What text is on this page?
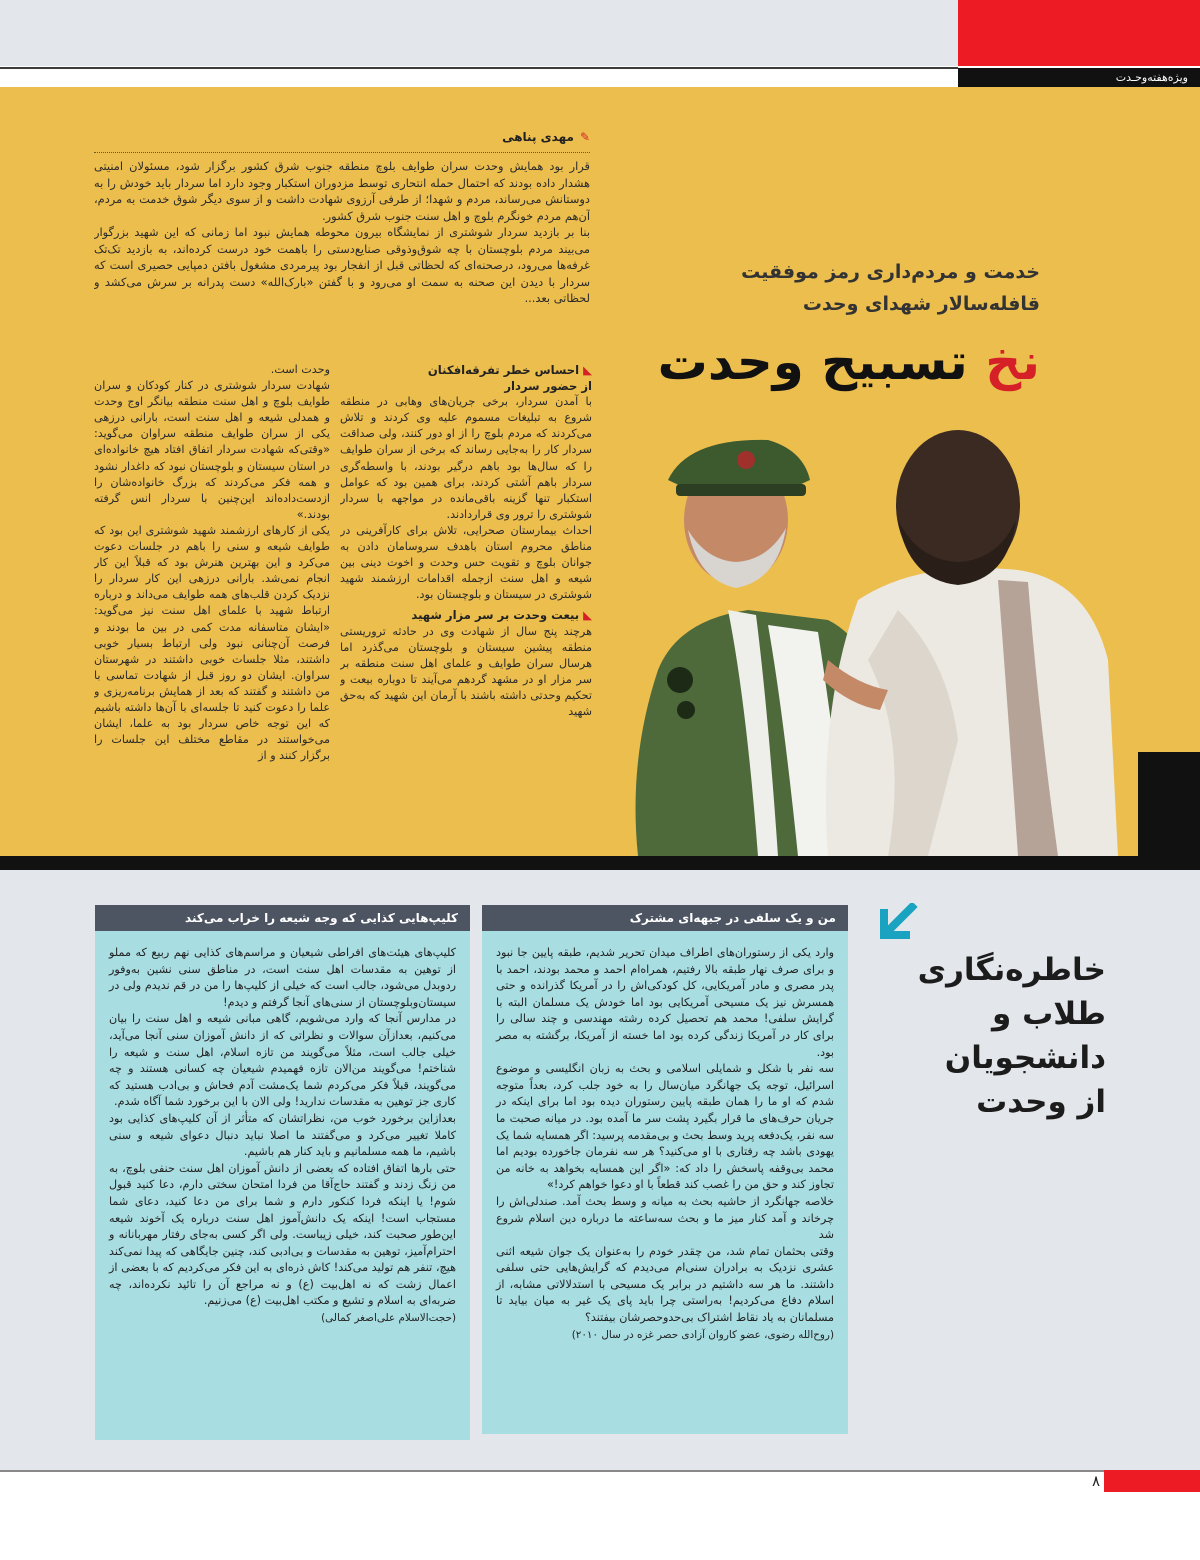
ویژه‌هفته‌وحـدت
✎مهدی پناهی

قرار بود همایش وحدت سران طوایف بلوچ منطقه جنوب شرق کشور برگزار شود، مسئولان امنیتی هشدار داده بودند که احتمال حمله انتحاری توسط مزدوران استکبار وجود دارد اما سردار باید خودش را به دوستانش می‌رساند، مردم و شهدا؛ از طرفی آرزوی شهادت داشت و از سوی دیگر شوق خدمت به مردم، آن‌هم مردم خونگرم بلوچ و اهل سنت جنوب شرق کشور.

بنا بر بازدید سردار شوشتری از نمایشگاه بیرون محوطه همایش نبود اما زمانی که این شهید بزرگوار می‌بیند مردم بلوچستان با چه شوق‌وذوقی صنایع‌دستی را باهمت خود درست کرده‌اند، به بازدید تک‌تک غرفه‌ها می‌رود، درصحنه‌ای که لحظاتی قبل از انفجار بود پیرمردی مشغول بافتن دمپایی حصیری است که سردار با دیدن این صحنه به سمت او می‌رود و با گفتن «بارک‌الله» دست پدرانه بر سرش می‌کشد و لحظاتی بعد...

◣احساس خطر تفرقه‌افکنان

از حضور سردار

با آمدن سردار، برخی جریان‌های وهابی در منطقه شروع به تبلیغات مسموم علیه وی کردند و تلاش می‌کردند که مردم بلوچ را از او دور کنند، ولی صداقت سردار کار را به‌جایی رساند که برخی از سران طوایف را که سال‌ها بود باهم درگیر بودند، با واسطه‌گری سردار باهم آشتی کردند، برای همین بود که عوامل استکبار تنها گزینه باقی‌مانده در مواجهه با سردار شوشتری را ترور وی قراردادند.

احداث بیمارستان صحرایی، تلاش برای کارآفرینی در مناطق محروم استان باهدف سروسامان دادن به جوانان بلوچ و تقویت حس وحدت و اخوت دینی بین شیعه و اهل سنت ازجمله اقدامات ارزشمند شهید شوشتری در سیستان و بلوچستان بود.

◣بیعت وحدت بر سر مزار شهید

هرچند پنج سال از شهادت وی در حادثه تروریستی منطقه پیشین سیستان و بلوچستان می‌گذرد اما هرسال سران طوایف و علمای اهل سنت منطقه بر سر مزار او در مشهد گردهم می‌آیند تا دوباره بیعت و تحکیم وحدتی داشته باشند با آرمان این شهید که به‌حق شهید

وحدت است.

شهادت سردار شوشتری در کنار کودکان و سران طوایف بلوچ و اهل سنت منطقه بیانگر اوج وحدت و همدلی شیعه و اهل سنت است، بارانی درزهی یکی از سران طوایف منطقه سراوان می‌گوید: «وقتی‌که شهادت سردار اتفاق افتاد هیچ خانواده‌ای در استان سیستان و بلوچستان نبود که داغدار نشود و همه فکر می‌کردند که بزرگ خانواده‌شان را ازدست‌داده‌اند این‌چنین با سردار انس گرفته بودند.»

یکی از کارهای ارزشمند شهید شوشتری این بود که طوایف شیعه و سنی را باهم در جلسات دعوت می‌کرد و این بهترین هنرش بود که قبلاً این کار انجام نمی‌شد. بارانی درزهی این کار سردار را نزدیک کردن قلب‌های همه طوایف می‌داند و درباره ارتباط شهید با علمای اهل سنت نیز می‌گوید: «ایشان متاسفانه مدت کمی در بین ما بودند و فرصت آن‌چنانی نبود ولی ارتباط بسیار خوبی داشتند، مثلا جلسات خوبی داشتند در شهرستان سراوان. ایشان دو روز قبل از شهادت تماسی با من داشتند و گفتند که بعد از همایش برنامه‌ریزی و علما را دعوت کنید تا جلسه‌ای با آن‌ها داشته باشیم که این توجه خاص سردار بود به علما، ایشان می‌خواستند در مقاطع مختلف این جلسات را برگزار کنند و از

خدمت و مردم‌داری رمز موفقیت
قافله‌سالار شهدای وحدت
نخ تسبیح وحدت
خاطره‌نگاری
طلاب و دانشجویان
از وحدت
من و یک سلفی در جبهه‌ای مشترک

وارد یکی از رستوران‌های اطراف میدان تحریر شدیم، طبقه پایین جا نبود و برای صرف نهار طبقه بالا رفتیم، همراه‌ام احمد و محمد بودند، احمد با پدر مصری و مادر آمریکایی، کل کودکی‌اش را در آمریکا گذرانده و حتی همسرش نیز یک مسیحی آمریکایی بود اما خودش یک مسلمان البته با گرایش سلفی! محمد هم تحصیل کرده رشته مهندسی و چند سالی را برای کار در آمریکا زندگی کرده بود اما خسته از آمریکا، برگشته به مصر بود.

سه نفر با شکل و شمایلی اسلامی و بحث به زبان انگلیسی و موضوع اسرائیل، توجه یک جهانگرد میان‌سال را به خود جلب کرد، بعداً متوجه شدم که او ما را همان طبقه پایین رستوران دیده بود اما برای اینکه در جریان حرف‌های ما قرار بگیرد پشت سر ما آمده بود. در میانه صحبت ما سه نفر، یک‌دفعه پرید وسط بحث و بی‌مقدمه پرسید: اگر همسایه شما یک یهودی باشد چه رفتاری با او می‌کنید؟ هر سه نفرمان جاخورده بودیم اما محمد بی‌وقفه پاسخش را داد که: «اگر این همسایه بخواهد به خانه من تجاوز کند و حق من را غصب کند قطعاً با او دعوا خواهم کرد!»

خلاصه جهانگرد از حاشیه بحث به میانه و وسط بحث آمد. صندلی‌اش را چرخاند و آمد کنار میز ما و بحث سه‌ساعته ما درباره دین اسلام شروع شد

وقتی بحثمان تمام شد، من چقدر خودم را به‌عنوان یک جوان شیعه اثنی عشری نزدیک به برادران سنی‌ام می‌دیدم که گرایش‌هایی حتی سلفی داشتند. ما هر سه داشتیم در برابر یک مسیحی با استدلالاتی مشابه، از اسلام دفاع می‌کردیم! به‌راستی چرا باید پای یک غیر به میان بیاید تا مسلمانان به یاد نقاط اشتراک بی‌حدوحصرشان بیفتند؟

(روح‌الله رضوی، عضو کاروان آزادی حصر غزه در سال ۲۰۱۰)

کلیپ‌هایی کذایی که وجه شیعه را خراب می‌کند

کلیپ‌های هیئت‌های افراطی شیعیان و مراسم‌های کذایی نهم ربیع که مملو از توهین به مقدسات اهل سنت است، در مناطق سنی نشین به‌وفور ردوبدل می‌شود، جالب است که خیلی از کلیپ‌ها را من در قم ندیدم ولی در سیستان‌وبلوچستان از سنی‌های آنجا گرفتم و دیدم!

در مدارس آنجا که وارد می‌شویم، گاهی مبانی شیعه و اهل سنت را بیان می‌کنیم، بعدازآن سوالات و نظراتی که از دانش آموزان سنی آنجا می‌آید، خیلی جالب است، مثلاً می‌گویند من تازه اسلام، اهل سنت و شیعه را شناختم! می‌گویند من‌الان تازه فهمیدم شیعیان چه کسانی هستند و چه می‌گویند، قبلاً فکر می‌کردم شما یک‌مشت آدم فحاش و بی‌ادب هستید که کاری جز توهین به مقدسات ندارید! ولی الان با این برخورد شما آگاه شدم.

بعدازاین برخورد خوب من، نظراتشان که متأثر از آن کلیپ‌های کذایی بود کاملا تغییر می‌کرد و می‌گفتند ما اصلا نباید دنبال دعوای شیعه و سنی باشیم، ما همه مسلمانیم و باید کنار هم باشیم.

حتی بارها اتفاق افتاده که بعضی از دانش آموزان اهل سنت حنفی بلوچ، به من زنگ زدند و گفتند حاج‌آقا من فردا امتحان سختی دارم، دعا کنید قبول شوم! یا اینکه فردا کنکور دارم و شما برای من دعا کنید، دعای شما مستجاب است! اینکه یک دانش‌آموز اهل سنت درباره یک آخوند شیعه این‌طور صحبت کند، خیلی زیباست. ولی اگر کسی به‌جای رفتار مهربانانه و احترام‌آمیز، توهین به مقدسات و بی‌ادبی کند، چنین جایگاهی که پیدا نمی‌کند هیچ، تنفر هم تولید می‌کند! کاش ذره‌ای به این فکر می‌کردیم که با بعضی از اعمال زشت که نه اهل‌بیت (ع) و نه مراجع آن را تائید نکرده‌اند، چه ضربه‌ای به اسلام و تشیع و مکتب اهل‌بیت (ع) می‌زنیم.

(حجت‌الاسلام علی‌اصغر کمالی)

۸
